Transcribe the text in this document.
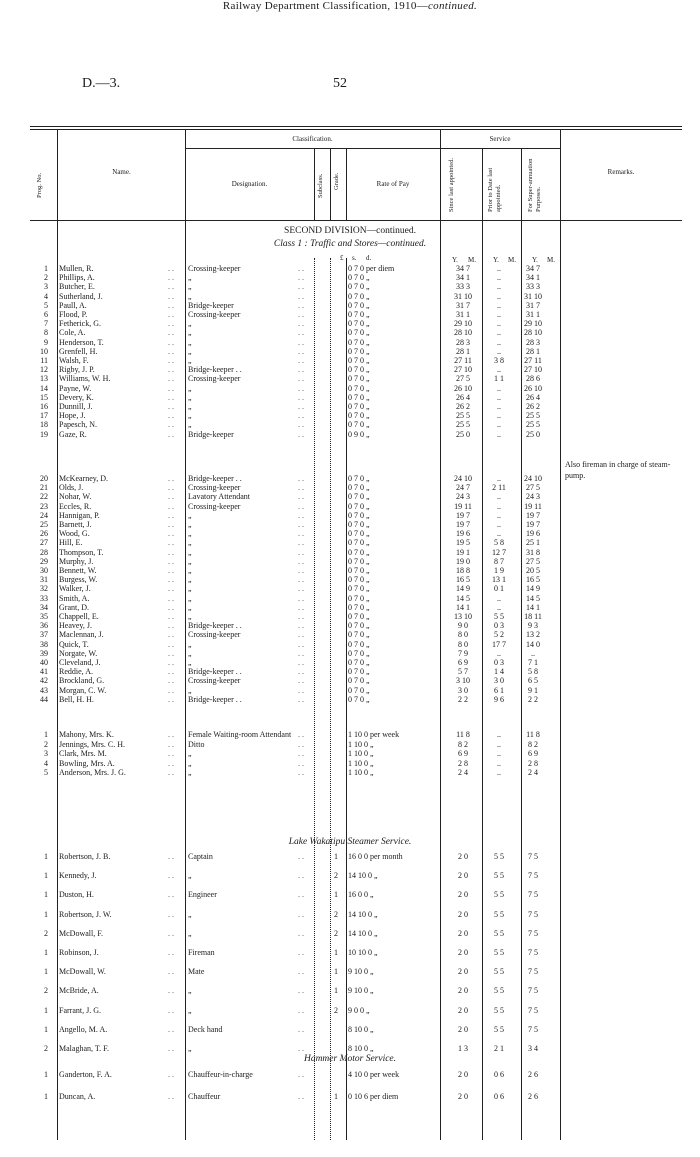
D.—3.	52
Railway Department Classification, 1910—continued.
Prog. No.
Name.
Classification.
Designation.	Subclass. Grade.	Rate of Pay
Service
Since last appointed.	Prior to Date last appointed.	For Super-annuation Purposes.
Remarks.
SECOND DIVISION—continued.
Class 1 : Traffic and Stores—continued.
£ s. d.	Y. M. Y. M. Y. M.
1 Mullen, R.	. . Crossing-keeper	. .	0 7 0 per diem	34 7	..	34 7
2 Phillips, A.	. . „	. .	0 7 0 „	34 1	..	34 1
3 Butcher, E.	. . „	. .	0 7 0 „	33 3	..	33 3
4 Sutherland, J.	. . „	. .	0 7 0 „	31 10	..	31 10
5 Paull, A.	. . Bridge-keeper	. .	0 7 0 „	31 7	..	31 7
6 Flood, P.	. . Crossing-keeper	. .	0 7 0 „	31 1	..	31 1
7 Fetherick, G.	. . „	. .	0 7 0 „	29 10	..	29 10
8 Cole, A.	. . „	. .	0 7 0 „	28 10	..	28 10
9 Henderson, T.	. . „	. .	0 7 0 „	28 3	..	28 3
10 Grenfell, H.	. . „	. .	0 7 0 „	28 1	..	28 1
11 Walsh, F.	. . „	. .	0 7 0 „	27 11	3 8	27 11
12 Rigby, J. P.	. . Bridge-keeper . .	. .	0 7 0 „	27 10	..	27 10
13 Williams, W. H.	. . Crossing-keeper	. .	0 7 0 „	27 5	1 1	28 6
14 Payne, W.	. . „	. .	0 7 0 „	26 10	..	26 10
15 Devery, K.	. . „	. .	0 7 0 „	26 4	..	26 4
16 Dunnill, J.	. . „	. .	0 7 0 „	26 2	..	26 2
17 Hope, J.	. . „	. .	0 7 0 „	25 5	..	25 5
18 Papesch, N.	. . „	. .	0 7 0 „	25 5	..	25 5
19 Gaze, R.	. . Bridge-keeper	. .	0 9 0 „	25 0	..	25 0
20 McKearney, D.	. . Bridge-keeper . .	. .	0 7 0 „	24 10	..	24 10
21 Olds, J.	. . Crossing-keeper	. .	0 7 0 „	24 7	2 11	27 5
22 Nohar, W.	. . Lavatory Attendant	. .	0 7 0 „	24 3	..	24 3
23 Eccles, R.	. . Crossing-keeper	. .	0 7 0 „	19 11	..	19 11
24 Hannigan, P.	. . „	. .	0 7 0 „	19 7	..	19 7
25 Barnett, J.	. . „	. .	0 7 0 „	19 7	..	19 7
26 Wood, G.	. . „	. .	0 7 0 „	19 6	..	19 6
27 Hill, E.	. . „	. .	0 7 0 „	19 5	5 8	25 1
28 Thompson, T.	. . „	. .	0 7 0 „	19 1	12 7	31 8
29 Murphy, J.	. . „	. .	0 7 0 „	19 0	8 7	27 5
30 Bennett, W.	. . „	. .	0 7 0 „	18 8	1 9	20 5
31 Burgess, W.	. . „	. .	0 7 0 „	16 5	13 1	16 5
32 Walker, J.	. . „	. .	0 7 0 „	14 9	0 1	14 9
33 Smith, A.	. . „	. .	0 7 0 „	14 5	..	14 5
34 Grant, D.	. . „	. .	0 7 0 „	14 1	..	14 1
35 Chappell, E.	. . „	. .	0 7 0 „	13 10	5 5	18 11
36 Heavey, J.	. . Bridge-keeper . .	. .	0 7 0 „	9 0	0 3	9 3
37 Maclennan, J.	. . Crossing-keeper	. .	0 7 0 „	8 0	5 2	13 2
38 Quick, T.	. . „	. .	0 7 0 „	8 0	17 7	14 0
39 Norgate, W.	. . „	. .	0 7 0 „	7 9	..	..
40 Cleveland, J.	. . „	. .	0 7 0 „	6 9	0 3	7 1
41 Reddie, A.	. . Bridge-keeper . .	. .	0 7 0 „	5 7	1 4	5 8
42 Brockland, G.	. . Crossing-keeper	. .	0 7 0 „	3 10	3 0	6 5
43 Morgan, C. W.	. . „	. .	0 7 0 „	3 0	6 1	9 1
44 Bell, H. H.	. . Bridge-keeper . .	. .	0 7 0 „	2 2	9 6	2 2
1 Mahony, Mrs. K.	. . Female Waiting-room Attendant . .	1 10 0 per week	11 8	..	11 8
2 Jennings, Mrs. C. H.	. . Ditto	. .	1 10 0 „	8 2	..	8 2
3 Clark, Mrs. M.	. . „	. .	1 10 0 „	6 9	..	6 9
4 Bowling, Mrs. A.	. . „	. .	1 10 0 „	2 8	..	2 8
5 Anderson, Mrs. J. G.	. . „	. .	1 10 0 „	2 4	..	2 4
1 Robertson, J. B.	. . Captain	. .	1	16 0 0 per month	2 0	5 5	7 5
1 Kennedy, J.	. . „	. .	2	14 10 0 „	2 0	5 5	7 5
1 Duston, H.	. . Engineer	. .	1	16 0 0 „	2 0	5 5	7 5
1 Robertson, J. W.	. . „	. .	2	14 10 0 „	2 0	5 5	7 5
2 McDowall, F.	. . „	. .	2	14 10 0 „	2 0	5 5	7 5
1 Robinson, J.	. . Fireman	. .	1	10 10 0 „	2 0	5 5	7 5
1 McDowall, W.	. . Mate	. .	1	9 10 0 „	2 0	5 5	7 5
2 McBride, A.	. . „	. .	1	9 10 0 „	2 0	5 5	7 5
1 Farrant, J. G.	. . „	. .	2	9 0 0 „	2 0	5 5	7 5
1 Angello, M. A.	. . Deck hand	. .	8 10 0 „	2 0	5 5	7 5
2 Malaghan, T. F.	. . „	. .	8 10 0 „	1 3	2 1	3 4
1 Ganderton, F. A.	. . Chauffeur-in-charge	. .	4 10 0 per week	2 0	0 6	2 6
1 Duncan, A.	. . Chauffeur	. .	1	0 10 6 per diem	2 0	0 6	2 6
Also fireman in charge of steam-pump.
Lake Wakatipu Steamer Service.
Hammer Motor Service.
